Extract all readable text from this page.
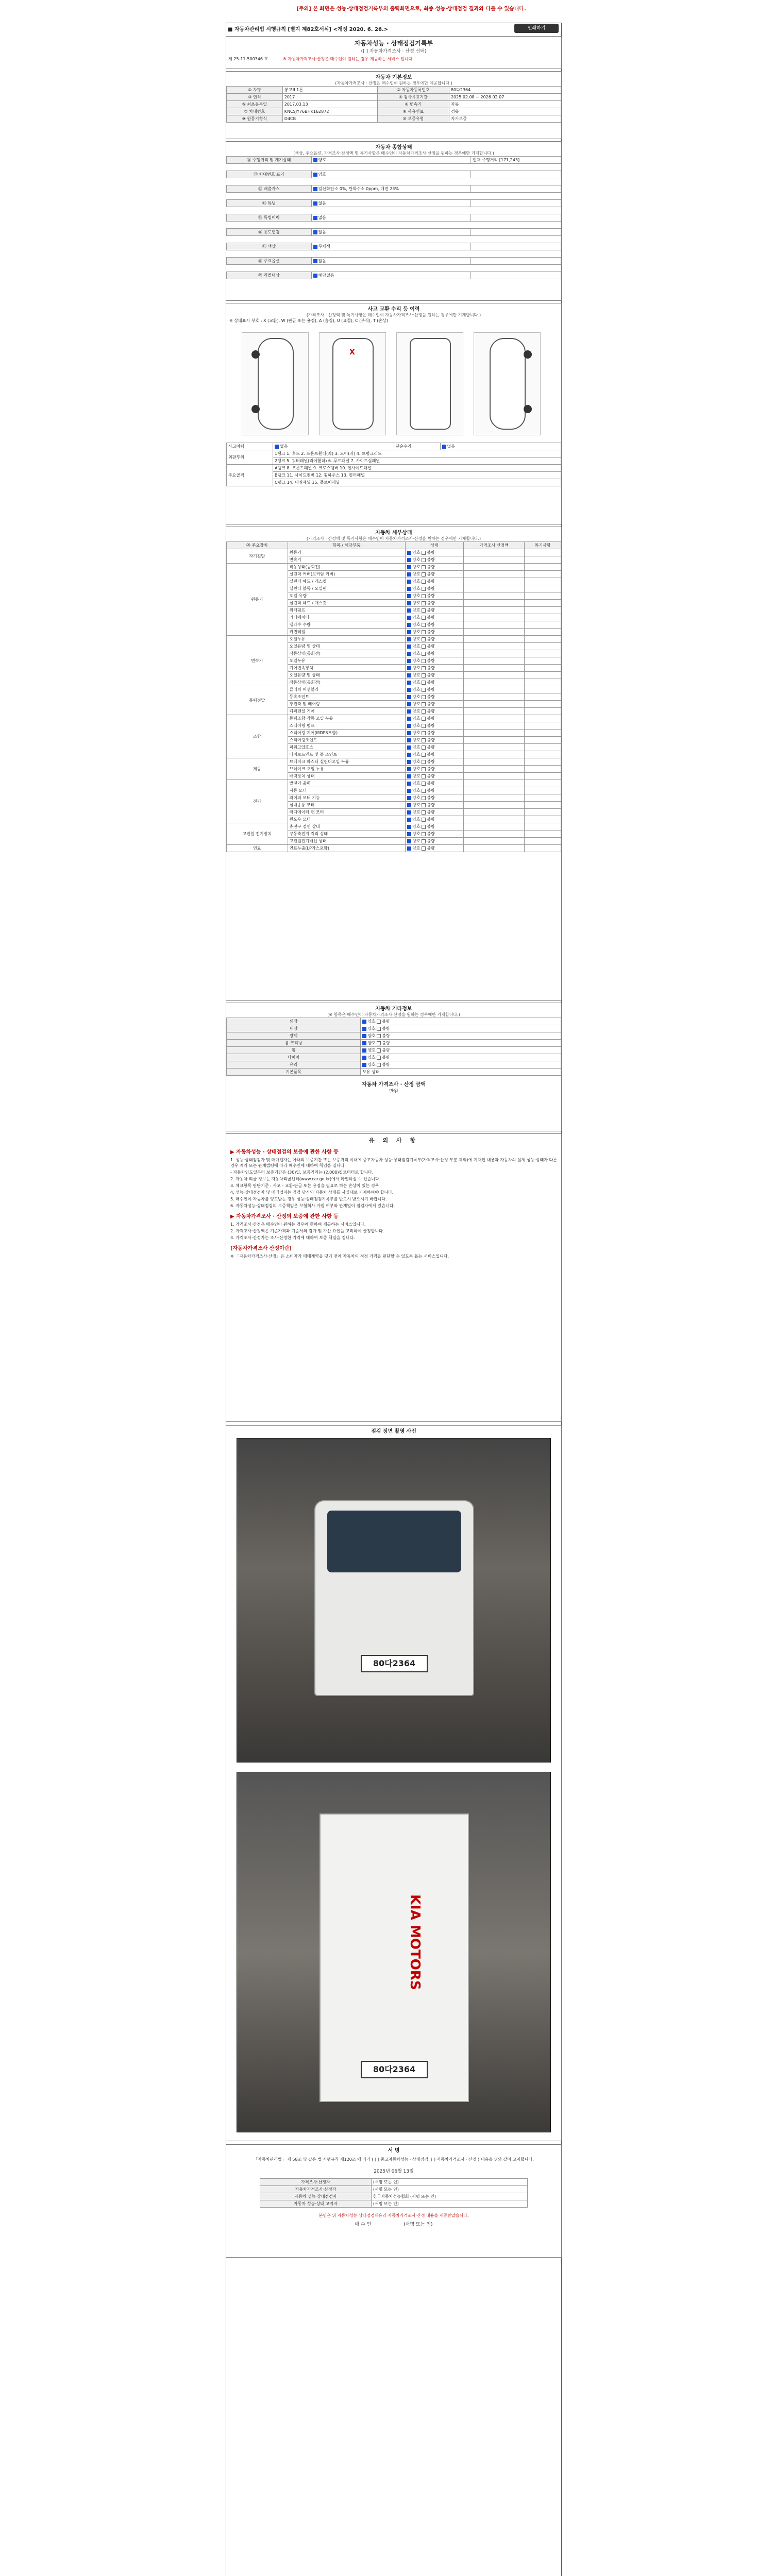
[주의] 본 화면은 성능·상태점검기록부의 출력화면으로, 최종 성능·상태점검 결과와 다를 수 있습니다.
■ 자동차관리법 시행규칙 [별지 제82호서식] <개정 2020. 6. 26.>	인쇄하기
자동차성능 · 상태점검기록부
([ ] 자동차가격조사 · 산정 선택)
제 25-11-500346 호	※ 자동차가격조사·산정은 매수인이 원하는 경우 제공하는 서비스 입니다.
자동차 기본정보
(자동차가격조사 · 산정은 매수인이 원하는 경우에만 제공합니다.)
① 차명	봉고Ⅲ 1톤	② 자동차등록번호	80다2364
③ 연식	2017	④ 검사유효기간	2025.02.08 ~ 2026.02.07
⑤ 최초등록일	2017.03.13	⑥ 변속기	자동
⑦ 차대번호	KNCSJY76BHK162872	⑧ 사용연료	경유
⑨ 원동기형식	D4CB	⑩ 보증유형	자가보증
자동차 종합상태
(색상, 주요옵션, 가격조사·산정액 및 특기사항은 매수인이 자동차가격조사·산정을 원하는 경우에만 기재합니다.)
⑪ 주행거리 및 계기상태	양호	현재 주행거리 [171,243]

⑫ 차대번호 표기	양호	

⑬ 배출가스	일산화탄소 0%, 탄화수소 0ppm, 매연 23%	

⑭ 튜닝	없음	

⑮ 특별이력	없음	

⑯ 용도변경	없음	

⑰ 색상	무채색	

⑱ 주요옵션	없음	

⑲ 리콜대상	해당없음	

사고 교환 수리 등 이력
(가격조사 · 산정액 및 특기사항은 매수인이 자동차가격조사·산정을 원하는 경우에만 기재합니다.)
※ 상태표시 부호 : X (교환), W (판금 또는 용접), A (흠집), U (요철), C (부식), T (손상)
X
사고이력	없음	단순수리	없음
외판부위	1랭크 1. 후드 2. 프론트휀더(좌) 3. 도어(좌) 4. 트렁크리드		
	2랭크 5. 쿼터패널(리어휀더) 6. 루프패널 7. 사이드실패널		
주요골격	A랭크 8. 프론트패널 9. 크로스멤버 10. 인사이드패널		
	B랭크 11. 사이드멤버 12. 휠하우스 13. 필러패널		
	C랭크 14. 대쉬패널 15. 플로어패널		
자동차 세부상태
(가격조사 · 산정액 및 특기사항은 매수인이 자동차가격조사·산정을 원하는 경우에만 기재합니다.)
⑳ 주요장치	항목 / 해당부품	상태	가격조사·산정액	특기사항
자기진단	원동기	양호 불량		
	변속기	양호 불량		
원동기	작동상태(공회전)	양호 불량		
	실린더 커버(로커암 커버)	양호 불량		
	실린더 헤드 / 개스킷	양호 불량		
	실린더 블록 / 오일팬	양호 불량		
	오일 유량	양호 불량		
	실린더 헤드 / 개스킷	양호 불량		
	워터펌프	양호 불량		
	라디에이터	양호 불량		
	냉각수 수량	양호 불량		
	커먼레일	양호 불량		
변속기	오일누유	양호 불량		
	오일유량 및 상태	양호 불량		
	작동상태(공회전)	양호 불량		
	오일누유	양호 불량		
	기어변속장치	양호 불량		
	오일유량 및 상태	양호 불량		
	작동상태(공회전)	양호 불량		
동력전달	클러치 어셈블리	양호 불량		
	등속조인트	양호 불량		
	추진축 및 베어링	양호 불량		
	디퍼렌셜 기어	양호 불량		
조향	동력조향 작동 오일 누유	양호 불량		
	스티어링 펌프	양호 불량		
	스티어링 기어(MDPS포함)	양호 불량		
	스티어링조인트	양호 불량		
	파워고압호스	양호 불량		
	타이로드엔드 및 볼 조인트	양호 불량		
제동	브레이크 마스터 실린더오일 누유	양호 불량		
	브레이크 오일 누유	양호 불량		
	배력장치 상태	양호 불량		
전기	발전기 출력	양호 불량		
	시동 모터	양호 불량		
	와이퍼 모터 기능	양호 불량		
	실내송풍 모터	양호 불량		
	라디에이터 팬 모터	양호 불량		
	윈도우 모터	양호 불량		
고전원 전기장치	충전구 절연 상태	양호 불량		
	구동축전지 격리 상태	양호 불량		
	고전원전기배선 상태	양호 불량		
연료	연료누출(LP가스포함)	양호 불량		
자동차 기타정보
(※ 항목은 매수인이 자동차가격조사·산정을 원하는 경우에만 기재합니다.)
외장	양호 불량
내장	양호 불량
광택	양호 불량
룸 크리닝	양호 불량
휠	양호 불량
타이어	양호 불량
유리	양호 불량
기본품목	보유 상태
자동차 가격조사 · 산정 금액
만원
유 의 사 항
▶ 자동차성능 · 상태점검의 보증에 관한 사항 등

1. 성능·상태점검자 및 매매업자는 아래의 보증기간 또는 보증거리 이내에 중고자동차 성능·상태점검기록부(가격조사·산정 부분 제외)에 기재된 내용과 자동차의 실제 성능·상태가 다른 경우 계약 또는 관계법령에 따라 매수인에 대하여 책임을 집니다.

- 자동차인도일부터 보증기간은 (30)일, 보증거리는 (2,000)킬로미터로 합니다.

2. 자동차 리콜 정보는 자동차리콜센터(www.car.go.kr)에서 확인하실 수 있습니다.

3. 체크항목 판단기준 : 사고 - 교환·판금 또는 용접을 필요로 하는 손상이 있는 경우

4. 성능·상태점검자 및 매매업자는 점검 당시의 자동차 상태를 사실대로 기재하여야 합니다.

5. 매수인이 자동차를 양도받는 경우 성능·상태점검기록부를 반드시 받으시기 바랍니다.

6. 자동차성능·상태점검의 보증책임은 보험회사 가입 여부와 관계없이 점검자에게 있습니다.

▶ 자동차가격조사 · 산정의 보증에 관한 사항 등

1. 가격조사·산정은 매수인이 원하는 경우에 한하여 제공하는 서비스입니다.

2. 가격조사·산정액은 기준가격과 기준서의 감가 및 가산 요인을 고려하여 산정합니다.

3. 가격조사·산정자는 조사·산정한 가격에 대하여 보증 책임을 집니다.

[자동차가격조사 산정이란]

※ 「자동차가격조사·산정」은 소비자가 매매계약을 맺기 전에 자동차의 적정 가격을 판단할 수 있도록 돕는 서비스입니다.

점검 장면 촬영 사진
80다2364
KIA MOTORS
80다2364
서 명
「자동차관리법」 제 58조 및 같은 법 시행규칙 제120조 에 따라 ( [ ] 중고자동차성능 · 상태점검, [ ] 자동차가격조사 · 산정 ) 내용을 위와 같이 고지합니다.
2025년 06월 13일
가격조사·산정자	(서명 또는 인)
자동차가격조사·산정자	(서명 또는 인)
자동차 성능·상태점검자	한국자동차성능협회 (서명 또는 인)
자동차 성능·상태 고지자	(서명 또는 인)
본인은 위 자동차성능·상태점검내용과 자동차가격조사·산정 내용을 제공받았습니다.
매 수 인	(서명 또는 인)
